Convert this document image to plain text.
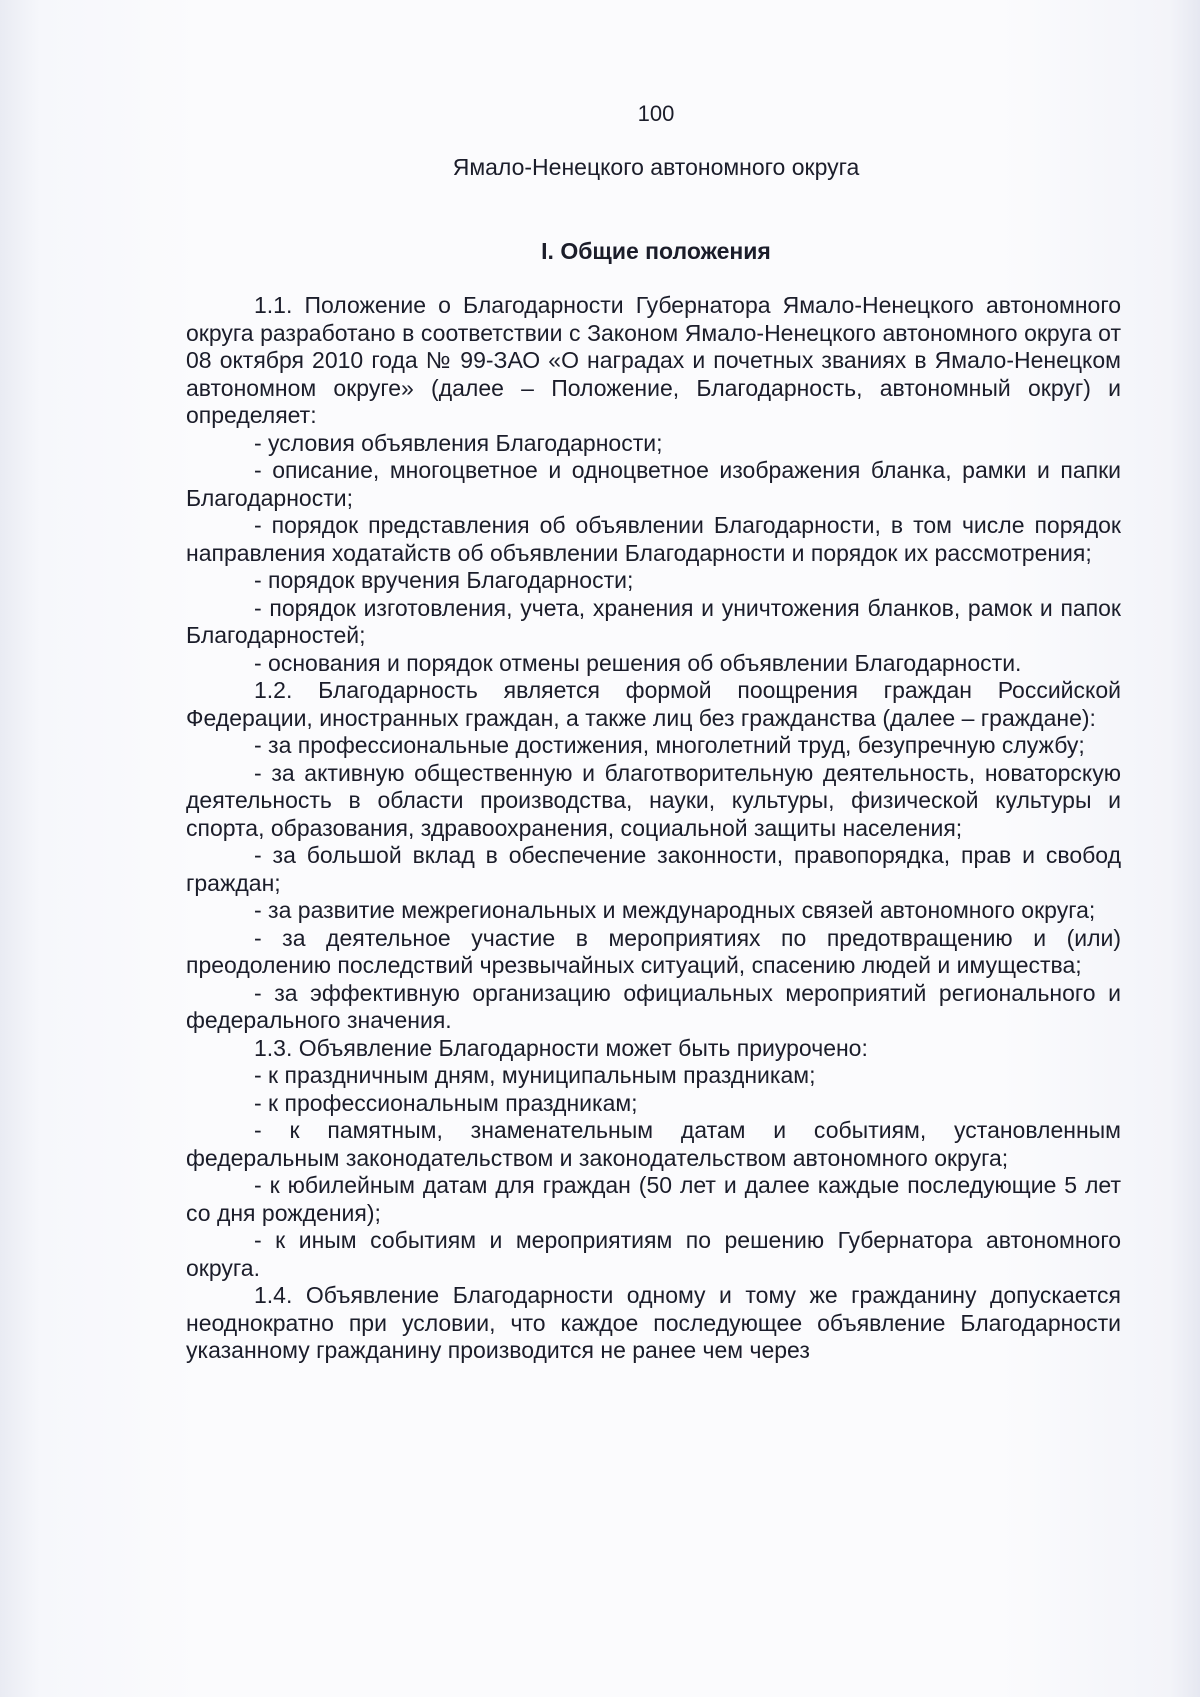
100
Ямало-Ненецкого автономного округа
I. Общие положения

1.1. Положение о Благодарности Губернатора Ямало-Ненецкого автономного округа разработано в соответствии с Законом Ямало-Ненецкого автономного округа от 08 октября 2010 года № 99-ЗАО «О наградах и почетных званиях в Ямало-Ненецком автономном округе» (далее – Положение, Благодарность, автономный округ) и определяет:

- условия объявления Благодарности;

- описание, многоцветное и одноцветное изображения бланка, рамки и папки Благодарности;

- порядок представления об объявлении Благодарности, в том числе порядок направления ходатайств об объявлении Благодарности и порядок их рассмотрения;

- порядок вручения Благодарности;

- порядок изготовления, учета, хранения и уничтожения бланков, рамок и папок Благодарностей;

- основания и порядок отмены решения об объявлении Благодарности.

1.2. Благодарность является формой поощрения граждан Российской Федерации, иностранных граждан, а также лиц без гражданства (далее – граждане):

- за профессиональные достижения, многолетний труд, безупречную службу;

- за активную общественную и благотворительную деятельность, новаторскую деятельность в области производства, науки, культуры, физической культуры и спорта, образования, здравоохранения, социальной защиты населения;

- за большой вклад в обеспечение законности, правопорядка, прав и свобод граждан;

- за развитие межрегиональных и международных связей автономного округа;

- за деятельное участие в мероприятиях по предотвращению и (или) преодолению последствий чрезвычайных ситуаций, спасению людей и имущества;

- за эффективную организацию официальных мероприятий регионального и федерального значения.

1.3. Объявление Благодарности может быть приурочено:

- к праздничным дням, муниципальным праздникам;

- к профессиональным праздникам;

- к памятным, знаменательным датам и событиям, установленным федеральным законодательством и законодательством автономного округа;

- к юбилейным датам для граждан (50 лет и далее каждые последующие 5 лет со дня рождения);

- к иным событиям и мероприятиям по решению Губернатора автономного округа.

1.4. Объявление Благодарности одному и тому же гражданину допускается неоднократно при условии, что каждое последующее объявление Благодарности указанному гражданину производится не ранее чем через
